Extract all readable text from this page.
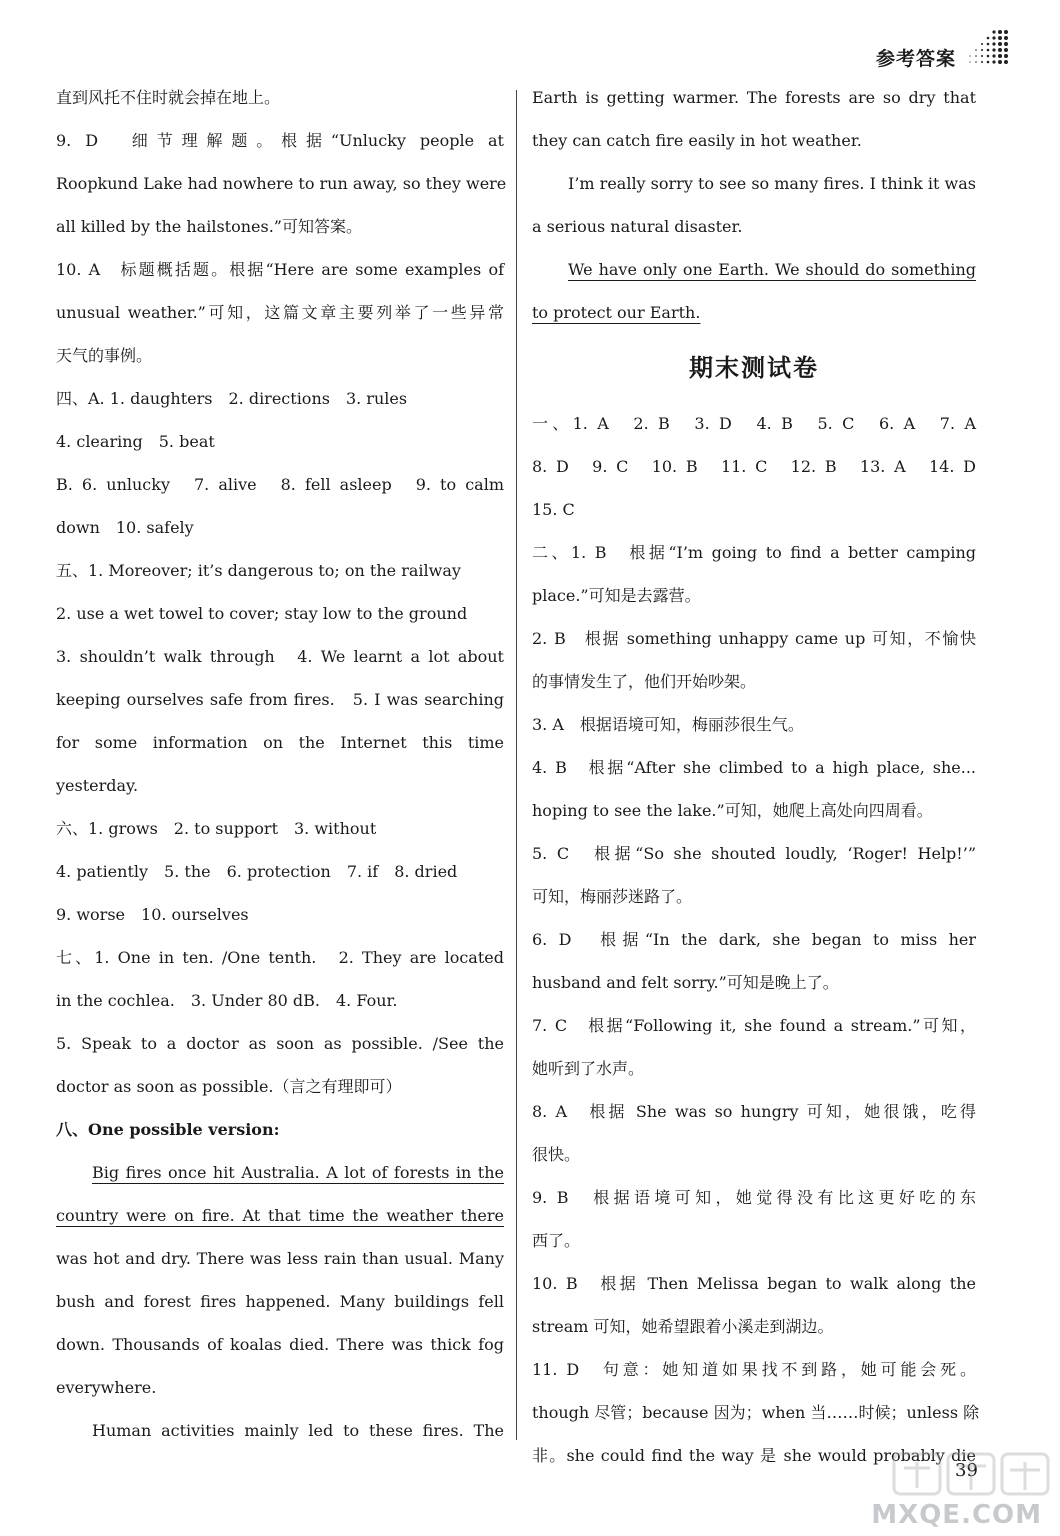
参考答案
直到风托不住时就会掉在地上。
9. D　细节理解题。根据“Unlucky people at
Roopkund Lake had nowhere to run away, so they were
all killed by the hailstones.”可知答案。
10. A　标题概括题。根据“Here are some examples of
unusual weather.”可知，这篇文章主要列举了一些异常
天气的事例。
四、A. 1. daughters　2. directions　3. rules
4. clearing　5. beat
B. 6. unlucky　7. alive　8. fell asleep　9. to calm
down　10. safely
五、1. Moreover; it’s dangerous to; on the railway
2. use a wet towel to cover; stay low to the ground
3. shouldn’t walk through　4. We learnt a lot about
keeping ourselves safe from fires.　5. I was searching
for some information on the Internet this time
yesterday.
六、1. grows　2. to support　3. without
4. patiently　5. the　6. protection　7. if　8. dried
9. worse　10. ourselves
七、1. One in ten. /One tenth.　2. They are located
in the cochlea.　3. Under 80 dB.　4. Four.
5. Speak to a doctor as soon as possible. /See the
doctor as soon as possible.（言之有理即可）
八、One possible version:
Big fires once hit Australia. A lot of forests in the
country were on fire. At that time the weather there
was hot and dry. There was less rain than usual. Many
bush and forest fires happened. Many buildings fell
down. Thousands of koalas died. There was thick fog
everywhere.
Human activities mainly led to these fires. The
Earth is getting warmer. The forests are so dry that
they can catch fire easily in hot weather.
I’m really sorry to see so many fires. I think it was
a serious natural disaster.
We have only one Earth. We should do something
to protect our Earth.
期末测试卷
一、1. A　2. B　3. D　4. B　5. C　6. A　7. A
8. D　9. C　10. B　11. C　12. B　13. A　14. D
15. C
二、1. B　根据“I’m going to find a better camping
place.”可知是去露营。
2. B　根据 something unhappy came up 可知，不愉快
的事情发生了，他们开始吵架。
3. A　根据语境可知，梅丽莎很生气。
4. B　根据“After she climbed to a high place, she...
hoping to see the lake.”可知，她爬上高处向四周看。
5. C　根据“So she shouted loudly, ‘Roger! Help!’”
可知，梅丽莎迷路了。
6. D　根据“In the dark, she began to miss her
husband and felt sorry.”可知是晚上了。
7. C　根据“Following it, she found a stream.”可知，
她听到了水声。
8. A　根据 She was so hungry 可知，她很饿，吃得
很快。
9. B　根据语境可知，她觉得没有比这更好吃的东
西了。
10. B　根据 Then Melissa began to walk along the
stream 可知，她希望跟着小溪走到湖边。
11. D　句意：她知道如果找不到路，她可能会死。
though 尽管；because 因为；when 当……时候；unless 除
非。she could find the way 是 she would probably die
39
MXQE.COM
